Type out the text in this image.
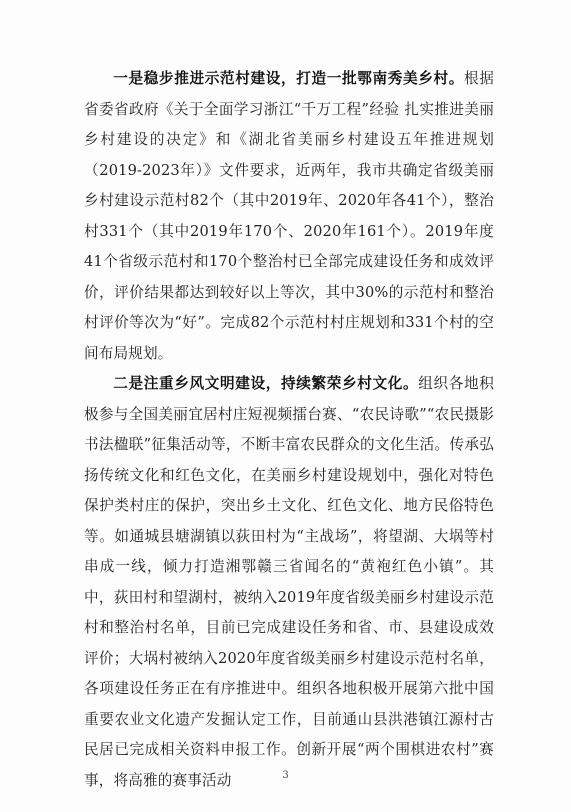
一是稳步推进示范村建设，打造一批鄂南秀美乡村。根据省委省政府《关于全面学习浙江“千万工程”经验 扎实推进美丽乡村建设的决定》和《湖北省美丽乡村建设五年推进规划（2019-2023年）》文件要求，近两年，我市共确定省级美丽乡村建设示范村82个（其中2019年、2020年各41个），整治村331个（其中2019年170个、2020年161个）。2019年度41个省级示范村和170个整治村已全部完成建设任务和成效评价，评价结果都达到较好以上等次，其中30%的示范村和整治村评价等次为“好”。完成82个示范村村庄规划和331个村的空间布局规划。

二是注重乡风文明建设，持续繁荣乡村文化。组织各地积极参与全国美丽宜居村庄短视频擂台赛、“农民诗歌”“农民摄影书法楹联”征集活动等，不断丰富农民群众的文化生活。传承弘扬传统文化和红色文化，在美丽乡村建设规划中，强化对特色保护类村庄的保护，突出乡土文化、红色文化、地方民俗特色等。如通城县塘湖镇以荻田村为“主战场”，将望湖、大埚等村串成一线，倾力打造湘鄂赣三省闻名的“黄袍红色小镇”。其中，荻田村和望湖村，被纳入2019年度省级美丽乡村建设示范村和整治村名单，目前已完成建设任务和省、市、县建设成效评价；大埚村被纳入2020年度省级美丽乡村建设示范村名单，各项建设任务正在有序推进中。组织各地积极开展第六批中国重要农业文化遗产发掘认定工作，目前通山县洪港镇江源村古民居已完成相关资料申报工作。创新开展“两个围棋进农村”赛事，将高雅的赛事活动	3
